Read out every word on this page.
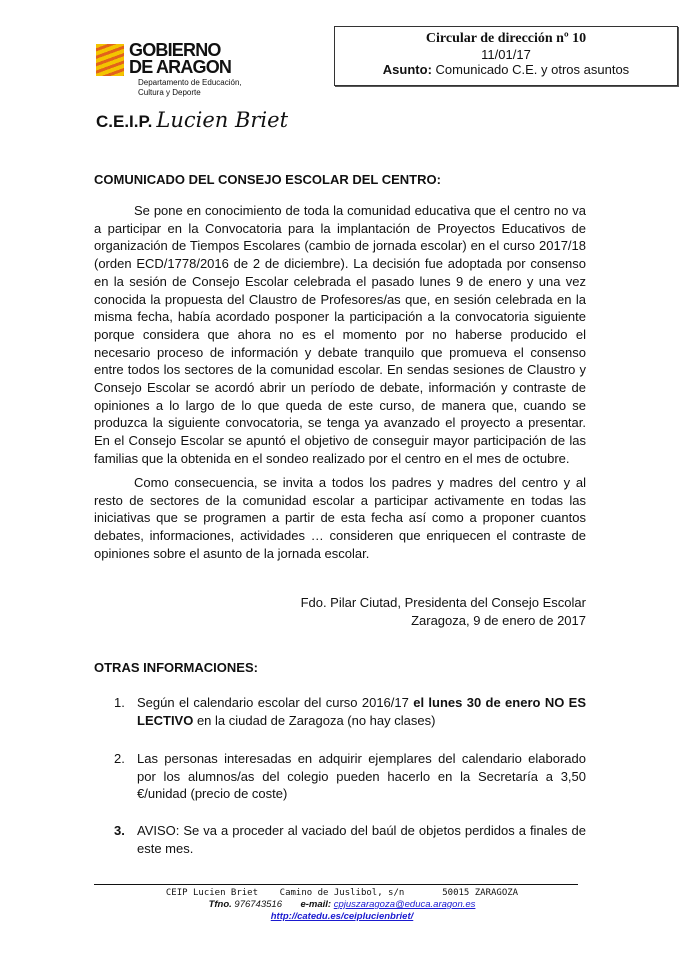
GOBIERNO
DE ARAGON
Departamento de Educación,
Cultura y Deporte
C.E.I.P. Lucien Briet
Circular de dirección nº 10
11/01/17
Asunto: Comunicado C.E. y otros asuntos
COMUNICADO DEL CONSEJO ESCOLAR DEL CENTRO:
Se pone en conocimiento de toda la comunidad educativa que el centro no va a participar en la Convocatoria para la implantación de Proyectos Educativos de organización de Tiempos Escolares (cambio de jornada escolar) en el curso 2017/18 (orden ECD/1778/2016 de 2 de diciembre). La decisión fue adoptada por consenso en la sesión de Consejo Escolar celebrada el pasado lunes 9 de enero y una vez conocida la propuesta del Claustro de Profesores/as que, en sesión celebrada en la misma fecha, había acordado posponer la participación a la convocatoria siguiente porque considera que ahora no es el momento por no haberse producido el necesario proceso de información y debate tranquilo que promueva el consenso entre todos los sectores de la comunidad escolar. En sendas sesiones de Claustro y Consejo Escolar se acordó abrir un período de debate, información y contraste de opiniones a lo largo de lo que queda de este curso, de manera que, cuando se produzca la siguiente convocatoria, se tenga ya avanzado el proyecto a presentar. En el Consejo Escolar se apuntó el objetivo de conseguir mayor participación de las familias que la obtenida en el sondeo realizado por el centro en el mes de octubre.
Como consecuencia, se invita a todos los padres y madres del centro y al resto de sectores de la comunidad escolar a participar activamente en todas las iniciativas que se programen a partir de esta fecha así como a proponer cuantos debates, informaciones, actividades … consideren que enriquecen el contraste de opiniones sobre el asunto de la jornada escolar.
Fdo. Pilar Ciutad, Presidenta del Consejo Escolar
Zaragoza, 9 de enero de 2017
OTRAS INFORMACIONES:
1. Según el calendario escolar del curso 2016/17 el lunes 30 de enero NO ES LECTIVO en la ciudad de Zaragoza (no hay clases)
2. Las personas interesadas en adquirir ejemplares del calendario elaborado por los alumnos/as del colegio pueden hacerlo en la Secretaría a 3,50 €/unidad (precio de coste)
3. AVISO: Se va a proceder al vaciado del baúl de objetos perdidos a finales de este mes.
CEIP Lucien Briet    Camino de Juslibol, s/n       50015 ZARAGOZA
Tfno. 976743516 e-mail: cpjuszaragoza@educa.aragon.es
http://catedu.es/ceiplucienbriet/
